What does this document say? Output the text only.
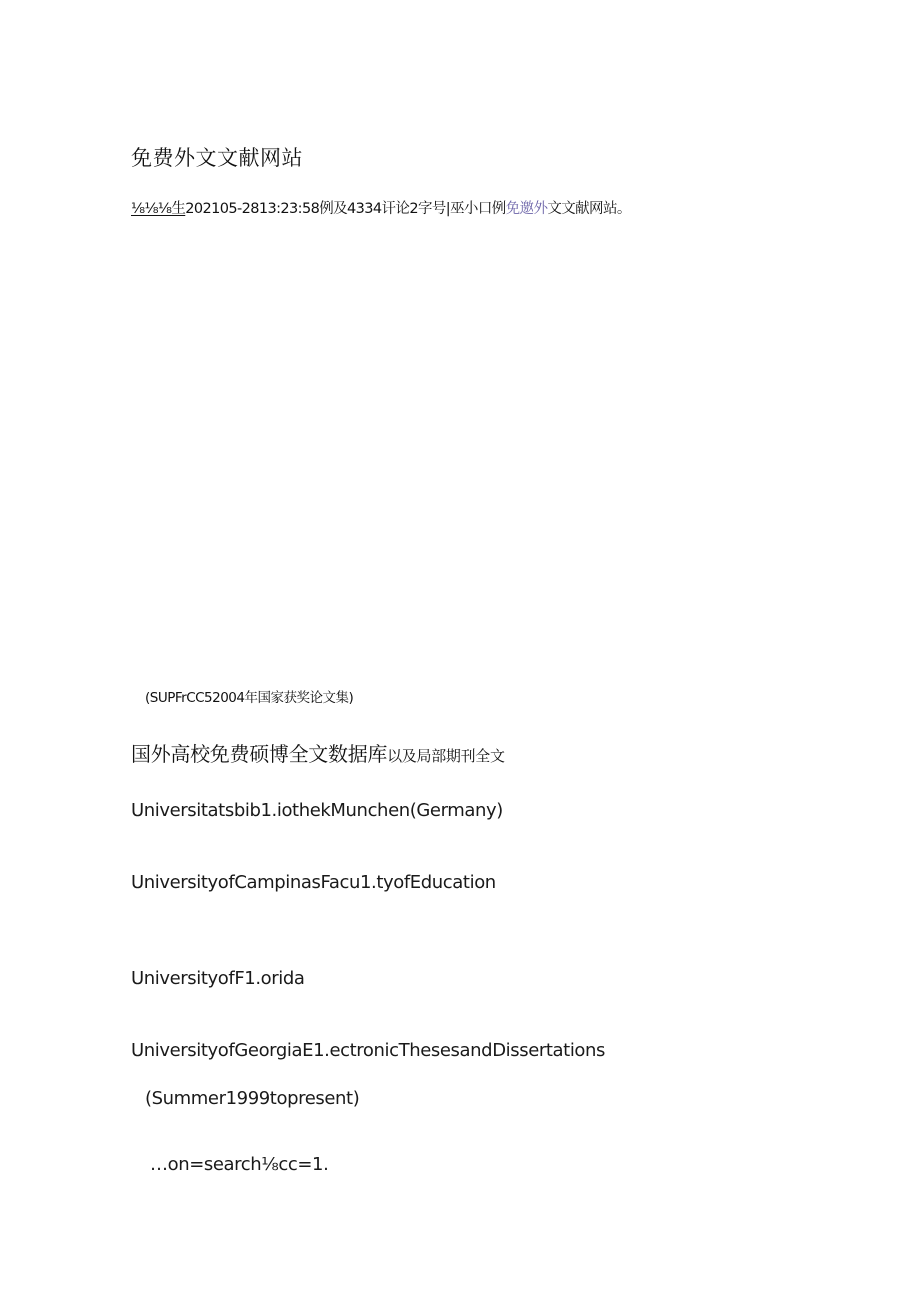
免费外文文献网站
⅛⅛⅛生202105-2813:23:58例及4334讦论2字号|巫小口例免邀外文文献网站。
(SUPFrCC52004年国家获奖论文集)
国外高校免费硕博全文数据库以及局部期刊全文
Universitatsbib1.iothekMunchen(Germany)
UniversityofCampinasFacu1.tyofEducation
UniversityofF1.orida
UniversityofGeorgiaE1.ectronicThesesandDissertations
(Summer1999topresent)
…on=search⅛cc=1.
